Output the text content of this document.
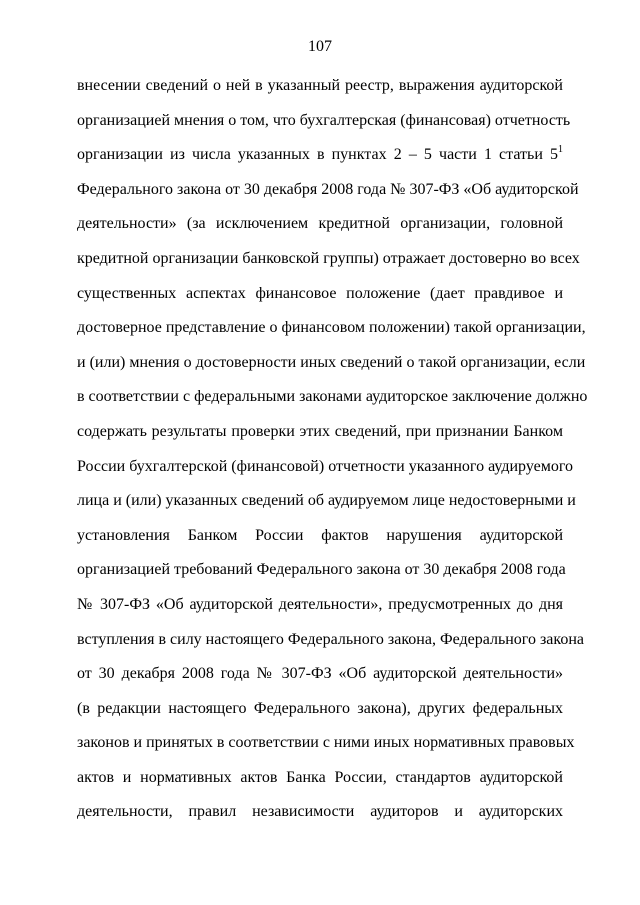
107
внесении сведений о ней в указанный реестр, выражения аудиторской
организацией мнения о том, что бухгалтерская (финансовая) отчетность
организации из числа указанных в пунктах 2 – 5 части 1 статьи $5^1$
Федерального закона от 30 декабря 2008 года № 307-ФЗ «Об аудиторской
деятельности» (за исключением кредитной организации, головной
кредитной организации банковской группы) отражает достоверно во всех
существенных аспектах финансовое положение (дает правдивое и
достоверное представление о финансовом положении) такой организации,
и (или) мнения о достоверности иных сведений о такой организации, если
в соответствии с федеральными законами аудиторское заключение должно
содержать результаты проверки этих сведений, при признании Банком
России бухгалтерской (финансовой) отчетности указанного аудируемого
лица и (или) указанных сведений об аудируемом лице недостоверными и
установления Банком России фактов нарушения аудиторской
организацией требований Федерального закона от 30 декабря 2008 года
№ 307-ФЗ «Об аудиторской деятельности», предусмотренных до дня
вступления в силу настоящего Федерального закона, Федерального закона
от 30 декабря 2008 года № 307-ФЗ «Об аудиторской деятельности»
(в редакции настоящего Федерального закона), других федеральных
законов и принятых в соответствии с ними иных нормативных правовых
актов и нормативных актов Банка России, стандартов аудиторской
деятельности, правил независимости аудиторов и аудиторских
